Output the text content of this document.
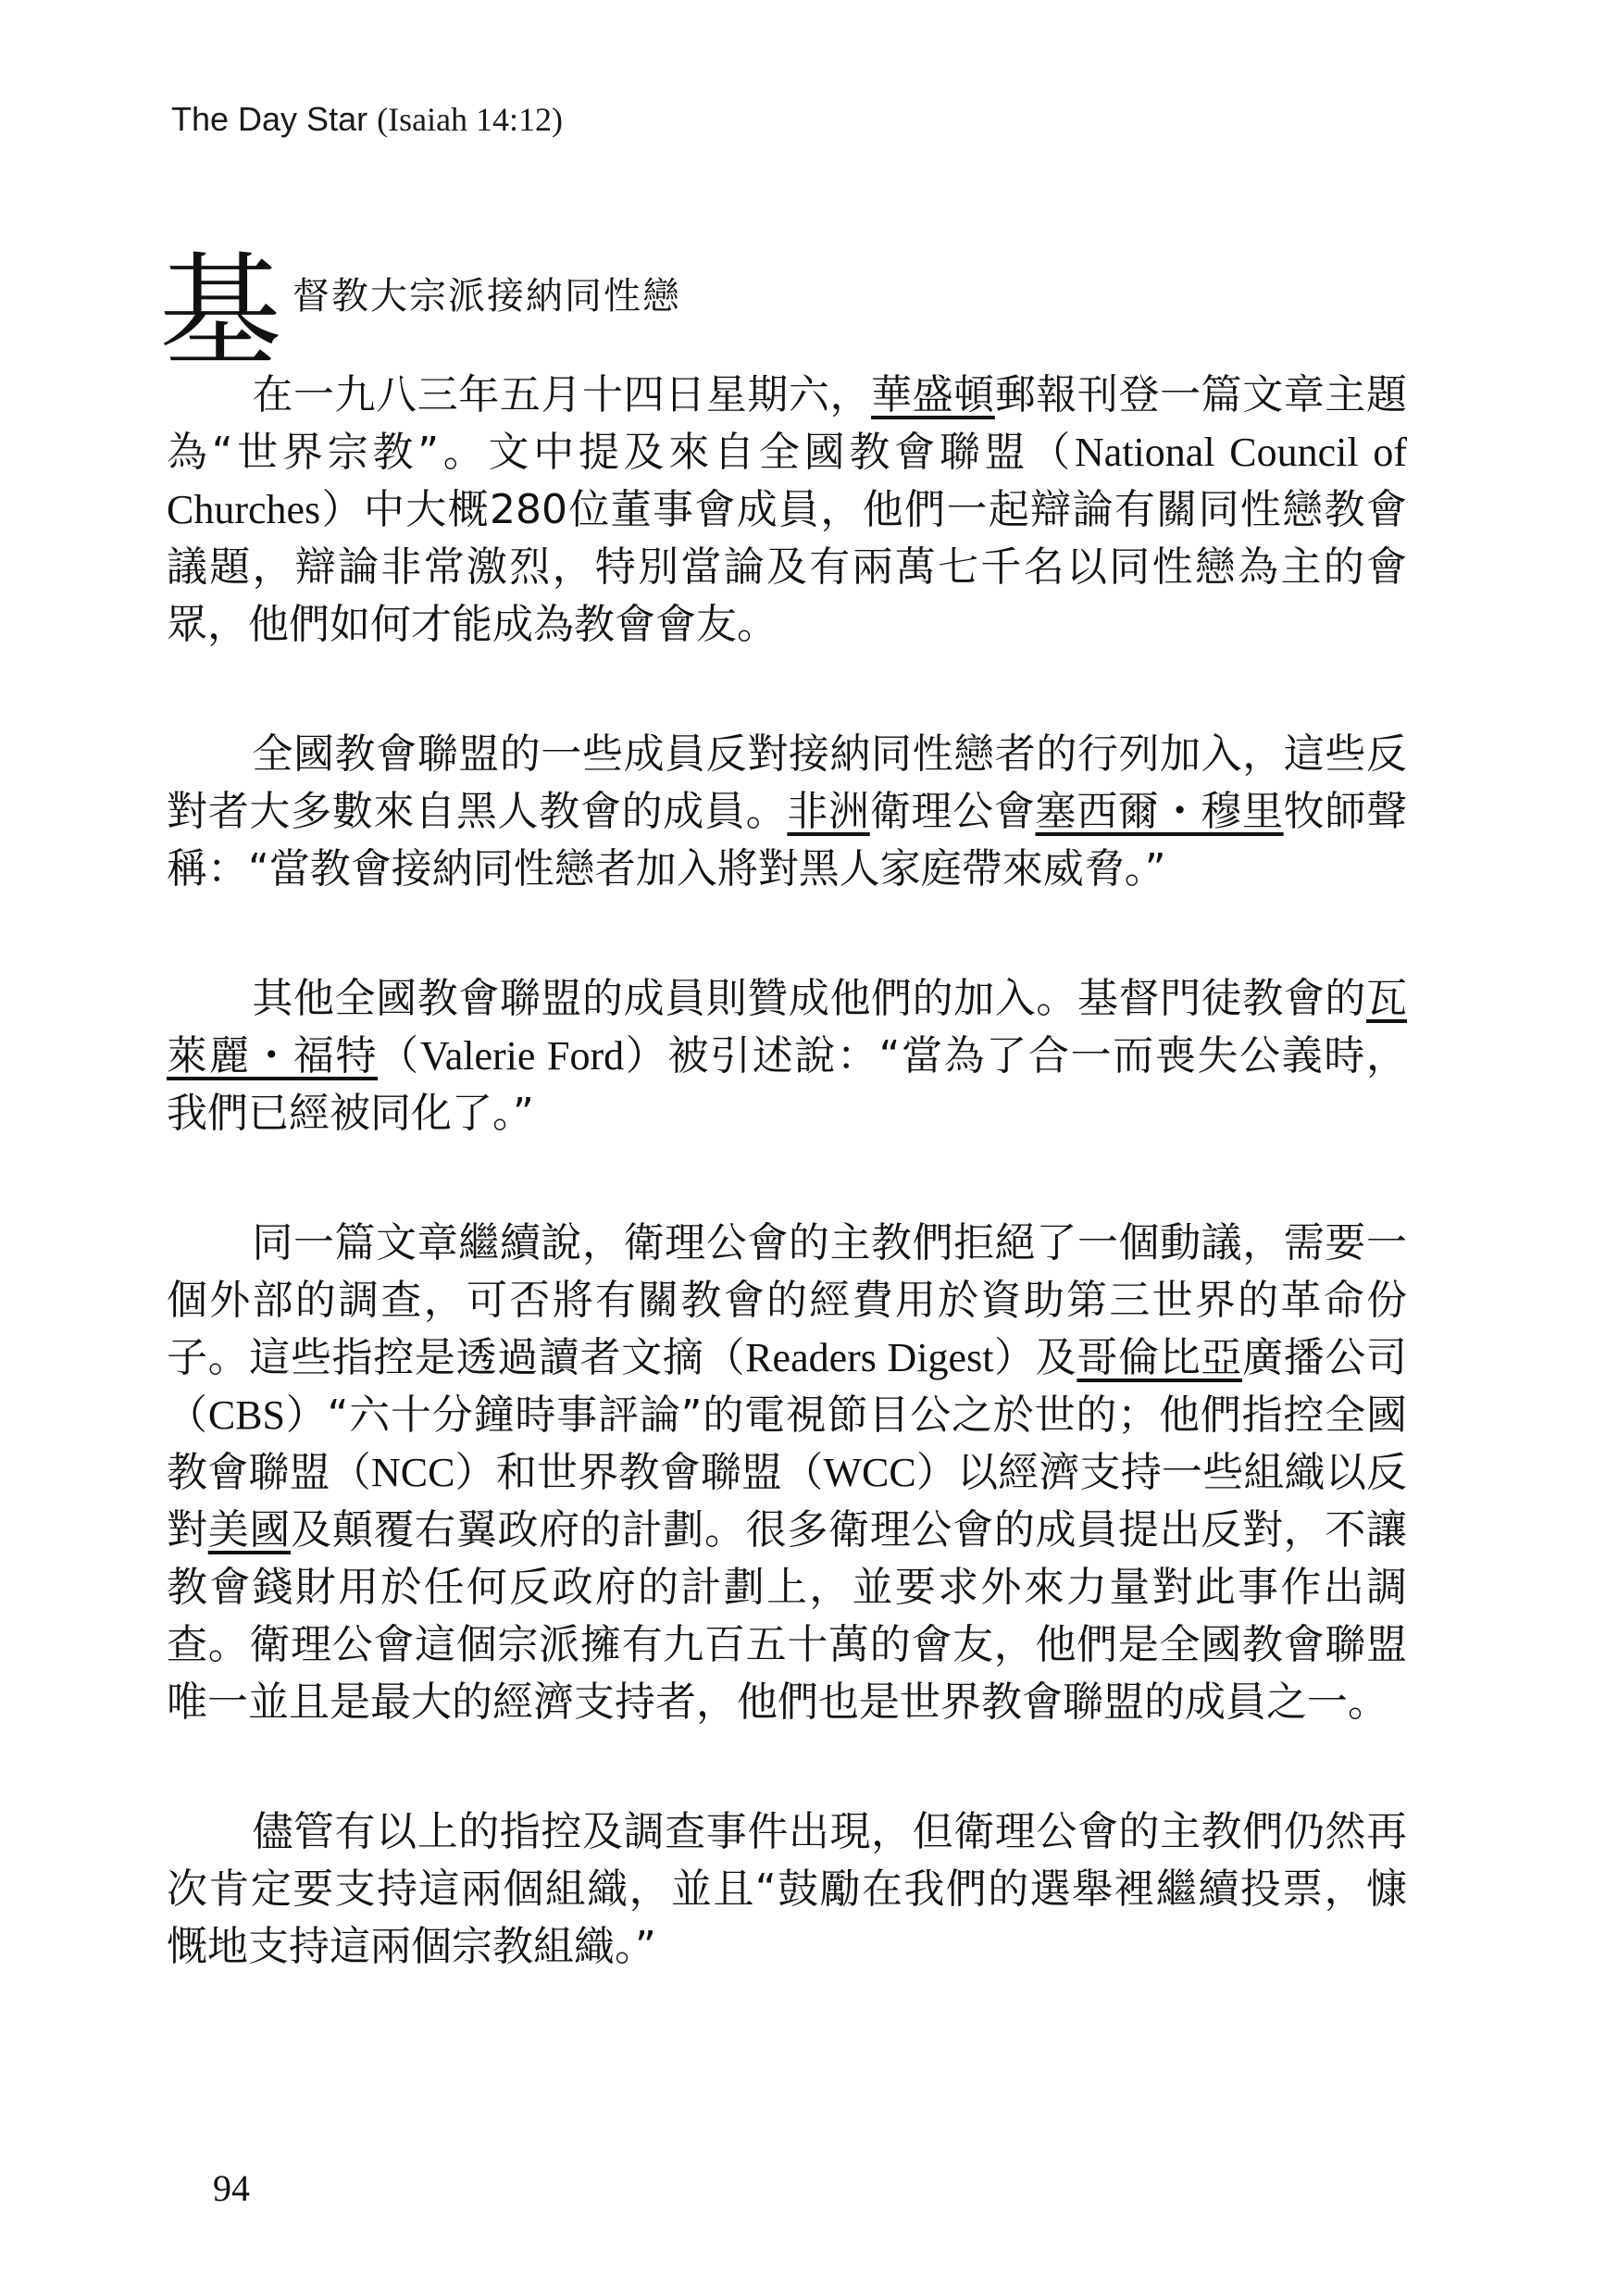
The Day Star (Isaiah 14:12)
基 督教大宗派接納同性戀

在一九八三年五月十四日星期六，華盛頓郵報刊登一篇文章主題為“世界宗教”。文中提及來自全國教會聯盟（National Council of Churches）中大概280位董事會成員，他們一起辯論有關同性戀教會議題，辯論非常激烈，特別當論及有兩萬七千名以同性戀為主的會眾，他們如何才能成為教會會友。

全國教會聯盟的一些成員反對接納同性戀者的行列加入，這些反對者大多數來自黑人教會的成員。非洲衛理公會塞西爾・穆里牧師聲稱：“當教會接納同性戀者加入將對黑人家庭帶來威脅。”

其他全國教會聯盟的成員則贊成他們的加入。基督門徒教會的瓦萊麗・福特（Valerie Ford）被引述說：“當為了合一而喪失公義時，我們已經被同化了。”

同一篇文章繼續說，衛理公會的主教們拒絕了一個動議，需要一個外部的調查，可否將有關教會的經費用於資助第三世界的革命份子。這些指控是透過讀者文摘（Readers Digest）及哥倫比亞廣播公司（CBS）“六十分鐘時事評論”的電視節目公之於世的；他們指控全國教會聯盟（NCC）和世界教會聯盟（WCC）以經濟支持一些組織以反對美國及顛覆右翼政府的計劃。很多衛理公會的成員提出反對，不讓教會錢財用於任何反政府的計劃上，並要求外來力量對此事作出調查。衛理公會這個宗派擁有九百五十萬的會友，他們是全國教會聯盟唯一並且是最大的經濟支持者，他們也是世界教會聯盟的成員之一。

儘管有以上的指控及調查事件出現，但衛理公會的主教們仍然再次肯定要支持這兩個組織，並且“鼓勵在我們的選舉裡繼續投票，慷慨地支持這兩個宗教組織。”

94
